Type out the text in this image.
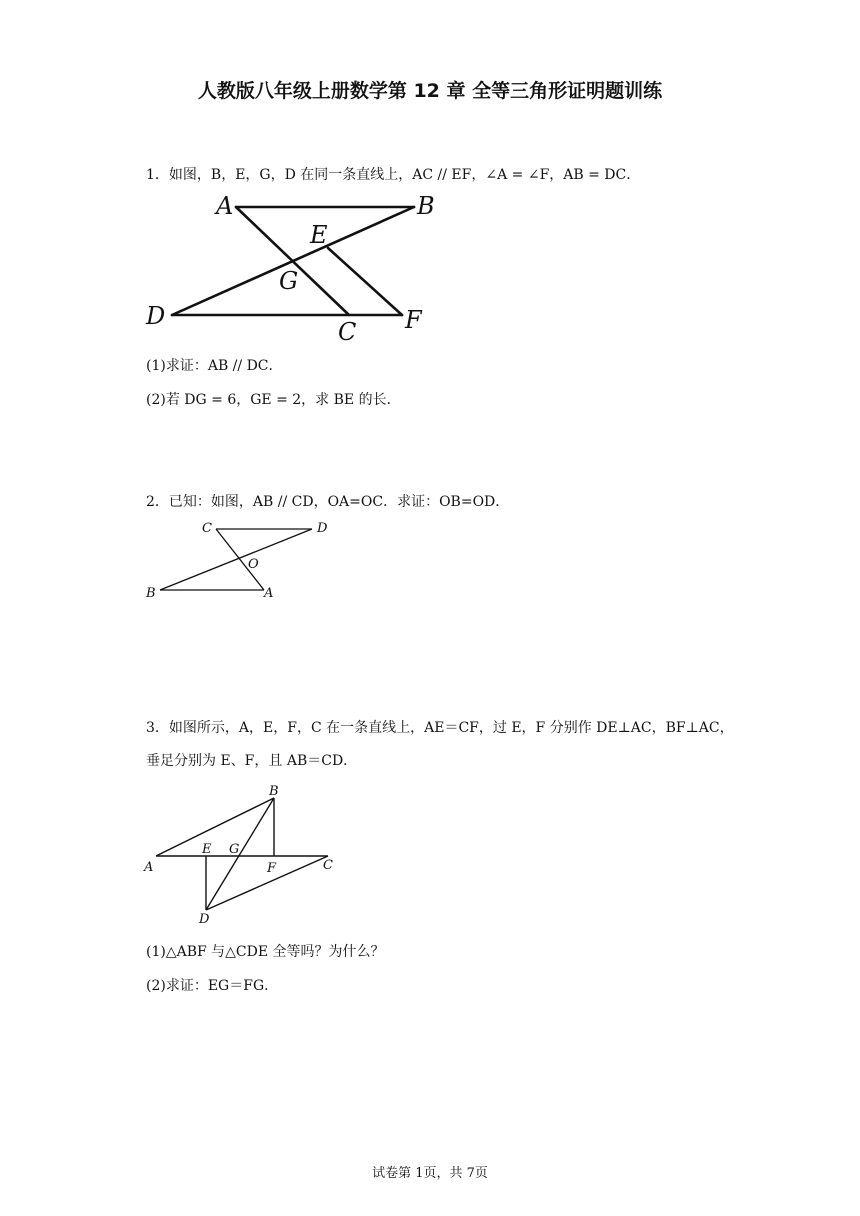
人教版八年级上册数学第 12 章 全等三角形证明题训练
1．如图，B，E，G，D 在同一条直线上，AC // EF，∠A = ∠F，AB = DC．
A	B
E
G
D
C F
(1)求证：AB // DC．
(2)若 DG = 6，GE = 2，求 BE 的长．
2．已知：如图，AB // CD，OA=OC．求证：OB=OD．
C	D
O
B	A
3．如图所示，A，E，F，C 在一条直线上，AE＝CF，过 E，F 分别作 DE⊥AC，BF⊥AC，
垂足分别为 E、F，且 AB＝CD．
B
A
E G
F	C
D
(1)△ABF 与△CDE 全等吗？为什么？
(2)求证：EG＝FG．
试卷第 1页，共 7页
